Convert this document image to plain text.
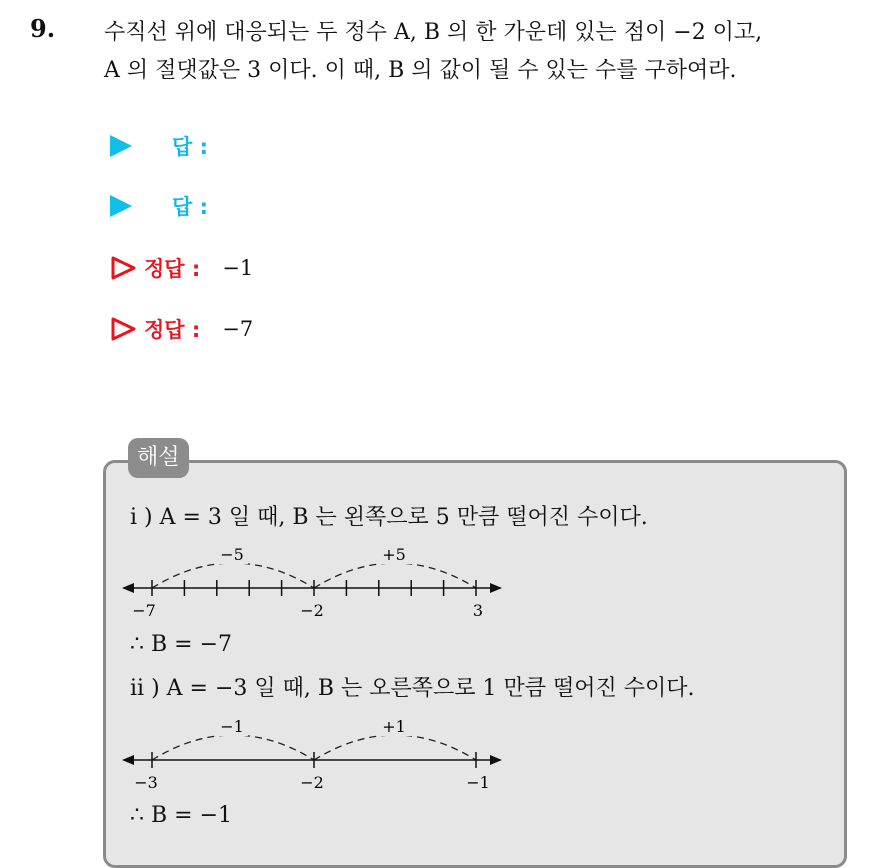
9. 수직선 위에 대응되는 두 정수 A, B 의 한 가운데 있는 점이 −2 이고,
A 의 절댓값은 3 이다. 이 때, B 의 값이 될 수 있는 수를 구하여라.
답 :
답 :
정답 : −1
정답 : −7
해설
i ) A = 3 일 때, B 는 왼쪽으로 5 만큼 떨어진 수이다.
−5	+5
−7	−2	3
∴ B = −7
ii ) A = −3 일 때, B 는 오른쪽으로 1 만큼 떨어진 수이다.
−1	+1
−3	−2	−1
∴ B = −1
